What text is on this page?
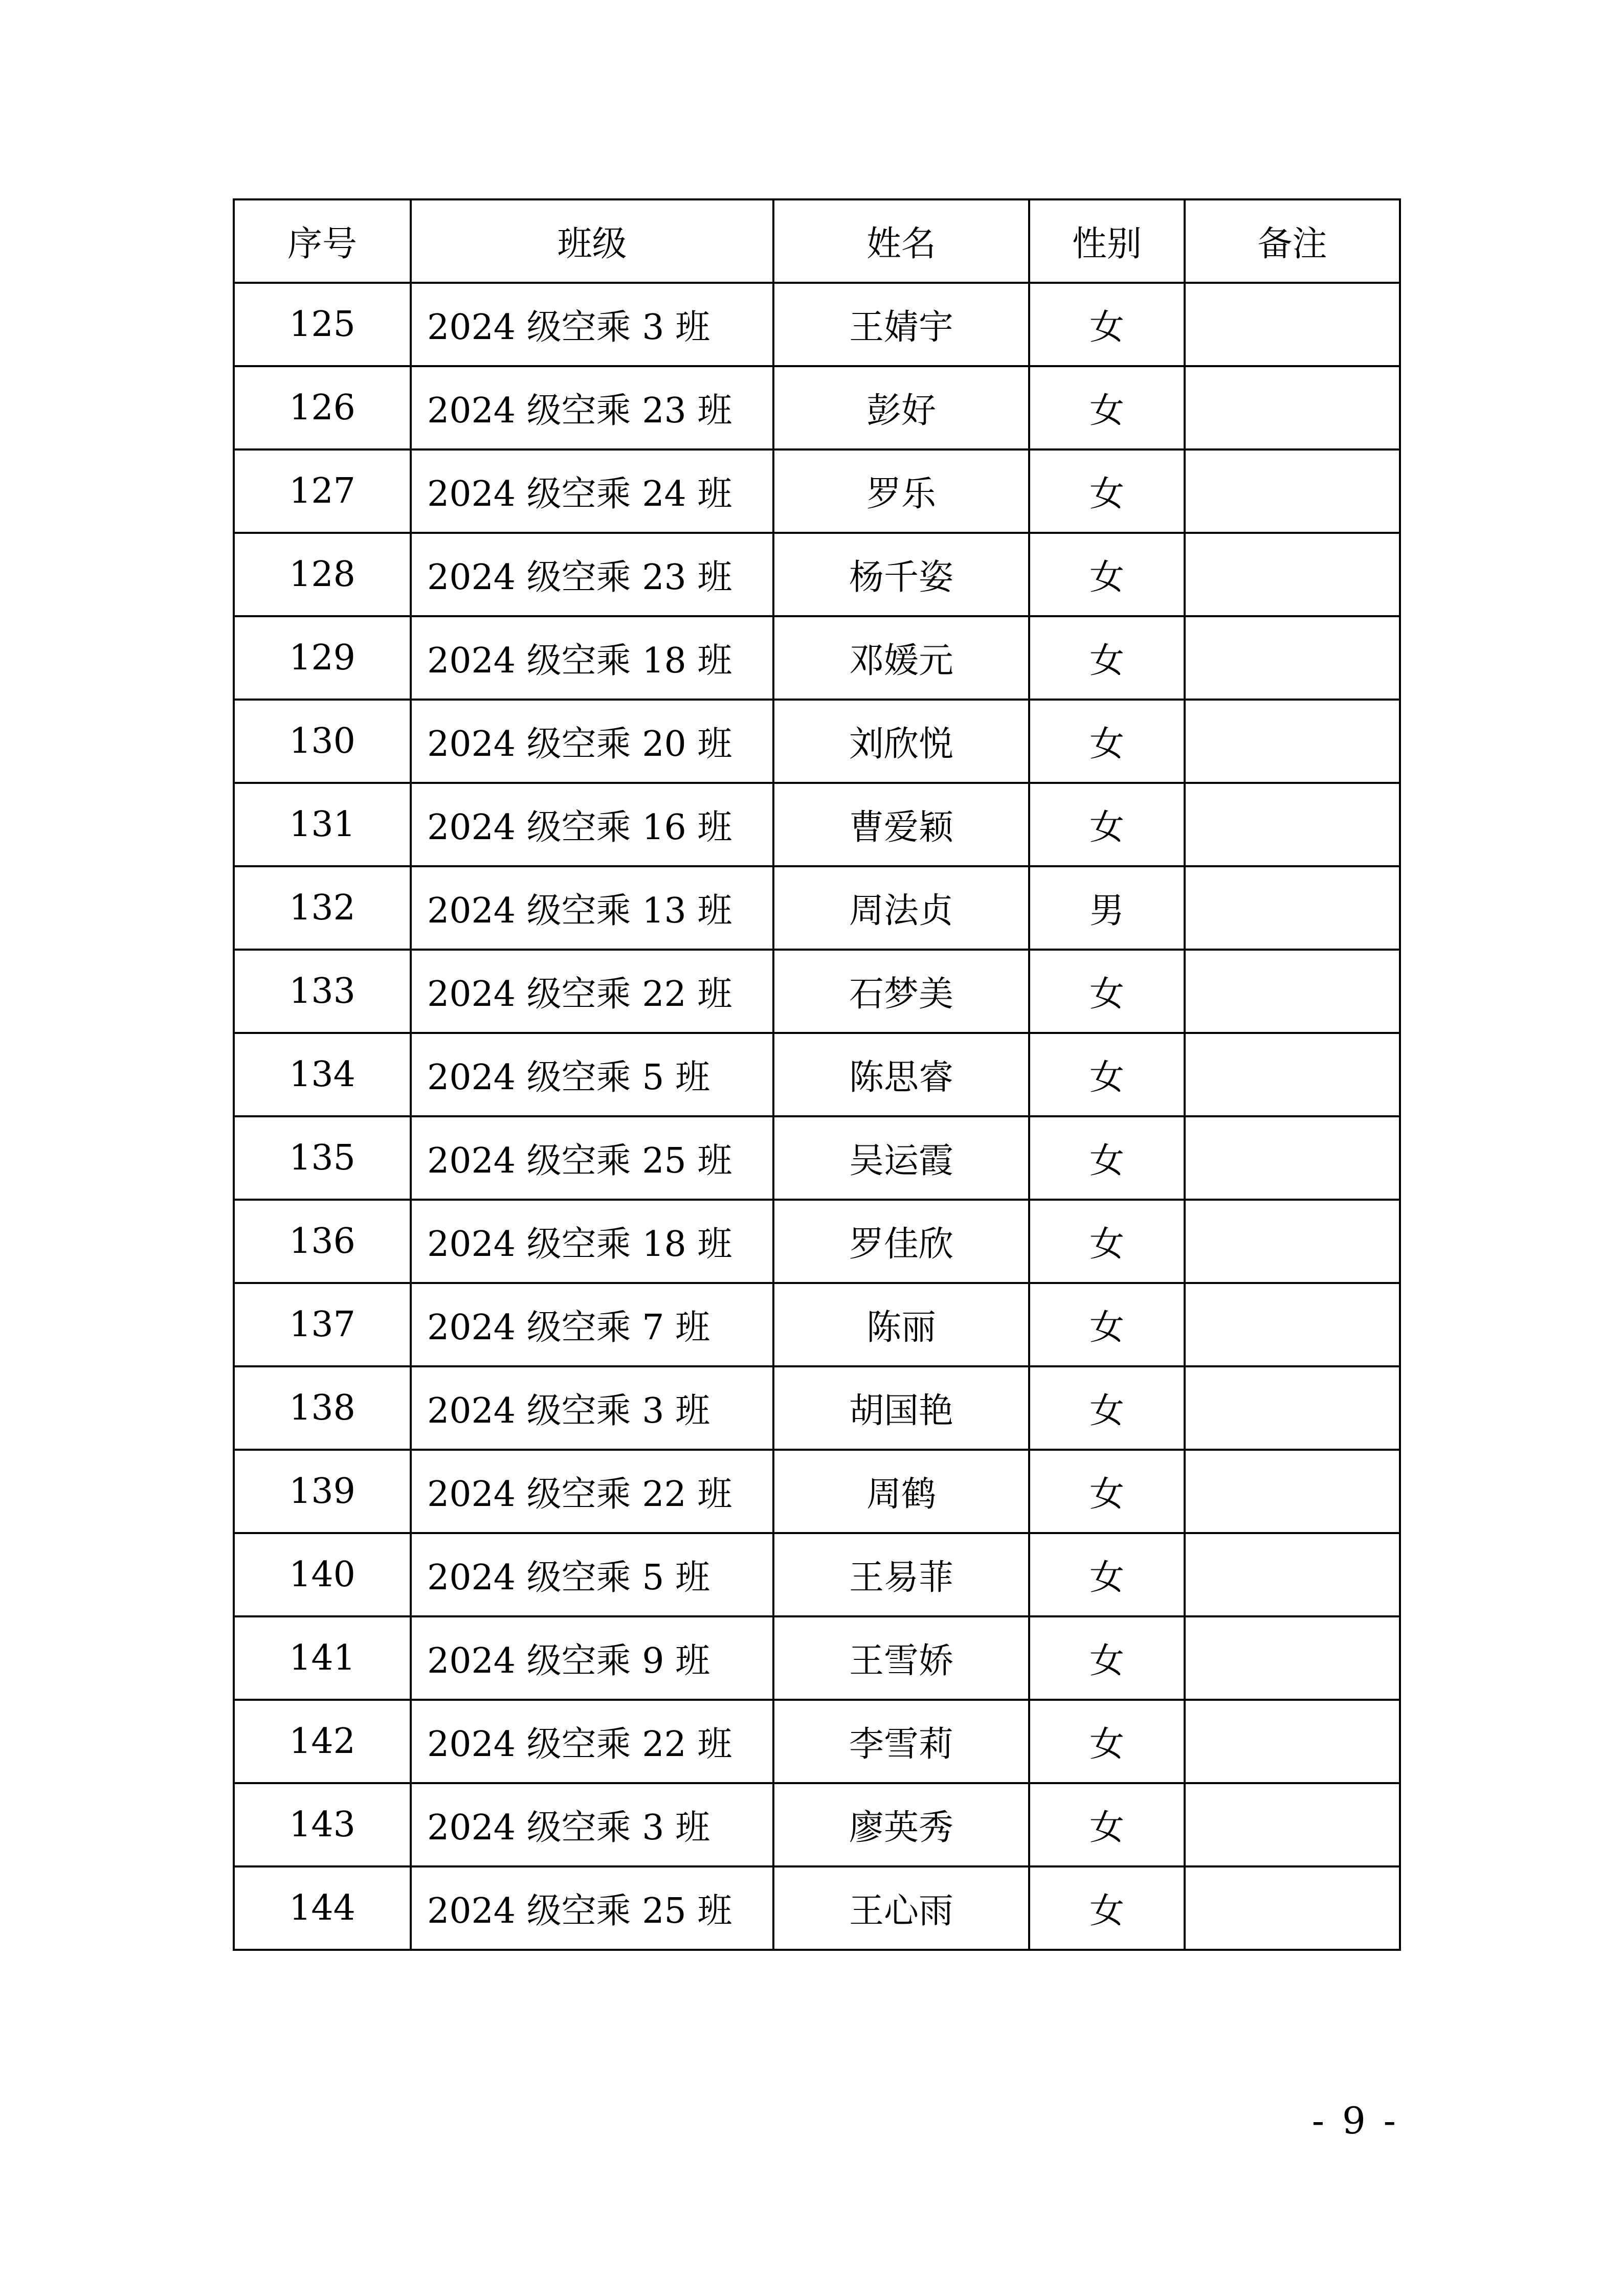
序号	班级	姓名	性别	备注
125	2024 级空乘 3 班	王婧宇	女	
126	2024 级空乘 23 班	彭好	女	
127	2024 级空乘 24 班	罗乐	女	
128	2024 级空乘 23 班	杨千姿	女	
129	2024 级空乘 18 班	邓媛元	女	
130	2024 级空乘 20 班	刘欣悦	女	
131	2024 级空乘 16 班	曹爱颖	女	
132	2024 级空乘 13 班	周法贞	男	
133	2024 级空乘 22 班	石梦美	女	
134	2024 级空乘 5 班	陈思睿	女	
135	2024 级空乘 25 班	吴运霞	女	
136	2024 级空乘 18 班	罗佳欣	女	
137	2024 级空乘 7 班	陈丽	女	
138	2024 级空乘 3 班	胡国艳	女	
139	2024 级空乘 22 班	周鹤	女	
140	2024 级空乘 5 班	王易菲	女	
141	2024 级空乘 9 班	王雪娇	女	
142	2024 级空乘 22 班	李雪莉	女	
143	2024 级空乘 3 班	廖英秀	女	
144	2024 级空乘 25 班	王心雨	女	
- 9 -
